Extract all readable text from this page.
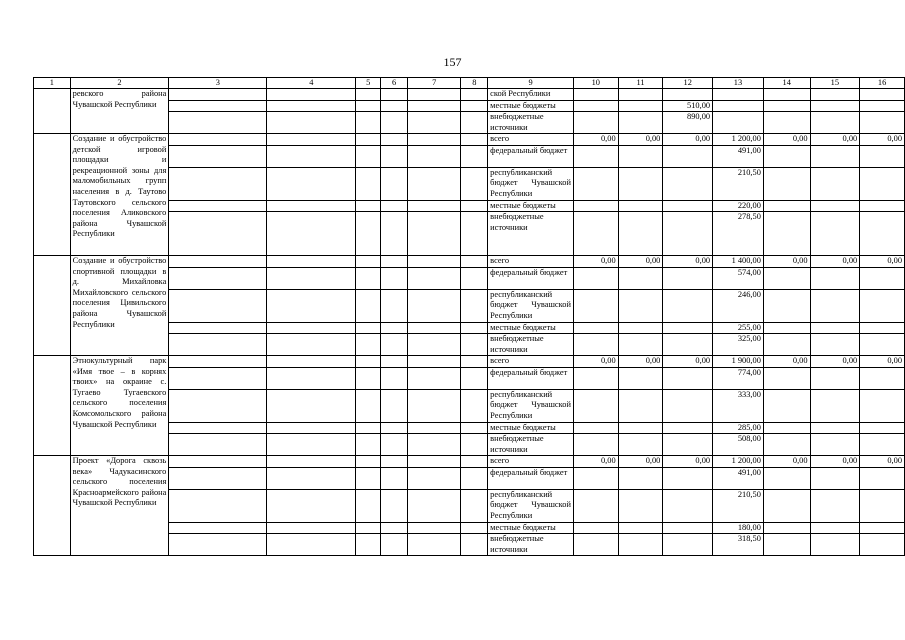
157
1	2	3	4	5	6	7	8	9	10	11	12	13	14	15	16
	ревского района Чувашской Республики							ской Республики							
								местные бюджеты			510,00				
								внебюджетные источники			890,00				
	Создание и обустройство детской игровой площадки и рекреационной зоны для маломобильных групп населения в д. Таутово Таутовского сельского поселения Аликовского района Чувашской Республики							всего	0,00	0,00	0,00	1 200,00	0,00	0,00	0,00
								федеральный бюджет				491,00			
								республиканский бюджет Чувашской Республики				210,50			
								местные бюджеты				220,00			
								внебюджетные источники				278,50			
	Создание и обустройство спортивной площадки в д. Михайловка Михайловского сельского поселения Цивильского района Чувашской Республики							всего	0,00	0,00	0,00	1 400,00	0,00	0,00	0,00
								федеральный бюджет				574,00			
								республиканский бюджет Чувашской Республики				246,00			
								местные бюджеты				255,00			
								внебюджетные источники				325,00			
	Этнокультурный парк «Имя твое – в корнях твоих» на окраине с. Тугаево Тугаевского сельского поселения Комсомольского района Чувашской Республики							всего	0,00	0,00	0,00	1 900,00	0,00	0,00	0,00
								федеральный бюджет				774,00			
								республиканский бюджет Чувашской Республики				333,00			
								местные бюджеты				285,00			
								внебюджетные источники				508,00			
	Проект «Дорога сквозь века» Чадукасинского сельского поселения Красноармейского района Чувашской Республики							всего	0,00	0,00	0,00	1 200,00	0,00	0,00	0,00
								федеральный бюджет				491,00			
								республиканский бюджет Чувашской Республики				210,50			
								местные бюджеты				180,00			
								внебюджетные источники				318,50			
